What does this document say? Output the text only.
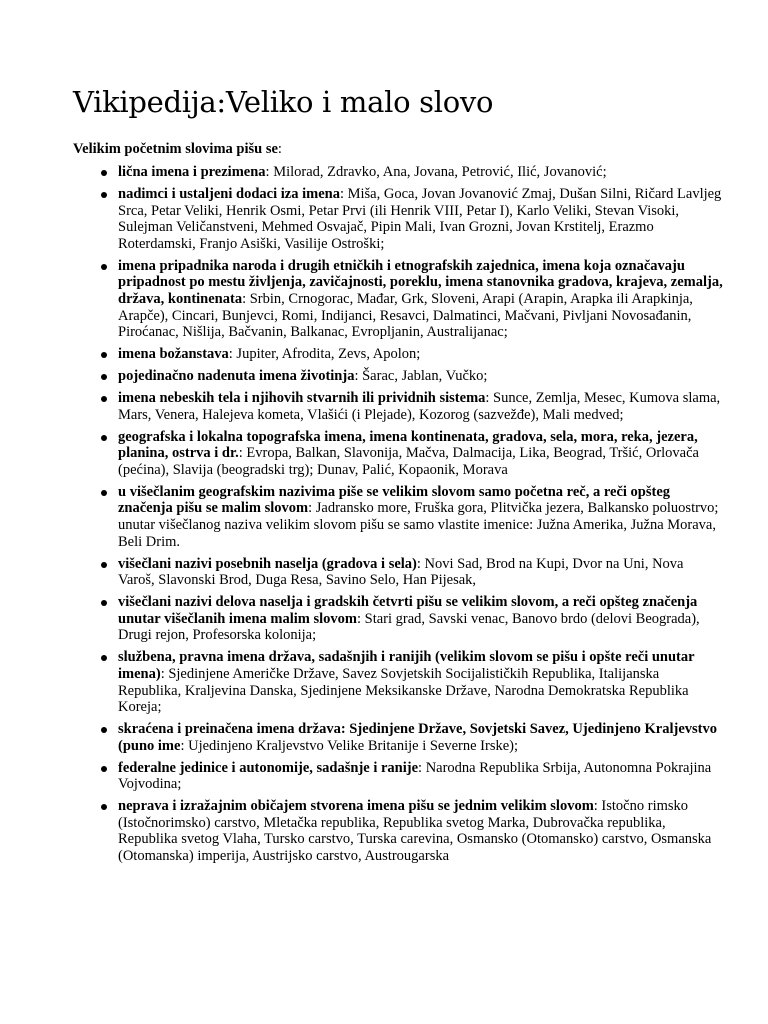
Vikipedija:Veliko i malo slovo

Velikim početnim slovima pišu se:

lična imena i prezimena: Milorad, Zdravko, Ana, Jovana, Petrović, Ilić, Jovanović;
nadimci i ustaljeni dodaci iza imena: Miša, Goca, Jovan Jovanović Zmaj, Dušan Silni, Ričard Lavljeg Srca, Petar Veliki, Henrik Osmi, Petar Prvi (ili Henrik VIII, Petar I), Karlo Veliki, Stevan Visoki, Sulejman Veličanstveni, Mehmed Osvajač, Pipin Mali, Ivan Grozni, Jovan Krstitelj, Erazmo Roterdamski, Franjo Asiški, Vasilije Ostroški;
imena pripadnika naroda i drugih etničkih i etnografskih zajednica, imena koja označavaju pripadnost po mestu življenja, zavičajnosti, poreklu, imena stanovnika gradova, krajeva, zemalja, država, kontinenata: Srbin, Crnogorac, Mađar, Grk, Sloveni, Arapi (Arapin, Arapka ili Arapkinja, Arapče), Cincari, Bunjevci, Romi, Indijanci, Resavci, Dalmatinci, Mačvani, Pivljani Novosađanin, Piroćanac, Nišlija, Bačvanin, Balkanac, Evropljanin, Australijanac;
imena božanstava: Jupiter, Afrodita, Zevs, Apolon;
pojedinačno nadenuta imena životinja: Šarac, Jablan, Vučko;
imena nebeskih tela i njihovih stvarnih ili prividnih sistema: Sunce, Zemlja, Mesec, Kumova slama, Mars, Venera, Halejeva kometa, Vlašići (i Plejade), Kozorog (sazvežđe), Mali medved;
geografska i lokalna topografska imena, imena kontinenata, gradova, sela, mora, reka, jezera, planina, ostrva i dr.: Evropa, Balkan, Slavonija, Mačva, Dalmacija, Lika, Beograd, Tršić, Orlovača (pećina), Slavija (beogradski trg); Dunav, Palić, Kopaonik, Morava
u višečlanim geografskim nazivima piše se velikim slovom samo početna reč, a reči opšteg značenja pišu se malim slovom: Jadransko more, Fruška gora, Plitvička jezera, Balkansko poluostrvo; unutar višečlanog naziva velikim slovom pišu se samo vlastite imenice: Južna Amerika, Južna Morava, Beli Drim.
višečlani nazivi posebnih naselja (gradova i sela): Novi Sad, Brod na Kupi, Dvor na Uni, Nova Varoš, Slavonski Brod, Duga Resa, Savino Selo, Han Pijesak,
višečlani nazivi delova naselja i gradskih četvrti pišu se velikim slovom, a reči opšteg značenja unutar višečlanih imena malim slovom: Stari grad, Savski venac, Banovo brdo (delovi Beograda), Drugi rejon, Profesorska kolonija;
službena, pravna imena država, sadašnjih i ranijih (velikim slovom se pišu i opšte reči unutar imena): Sjedinjene Američke Države, Savez Sovjetskih Socijalističkih Republika, Italijanska Republika, Kraljevina Danska, Sjedinjene Meksikanske Države, Narodna Demokratska Republika Koreja;
skraćena i preinačena imena država: Sjedinjene Države, Sovjetski Savez, Ujedinjeno Kraljevstvo (puno ime: Ujedinjeno Kraljevstvo Velike Britanije i Severne Irske);
federalne jedinice i autonomije, sadašnje i ranije: Narodna Republika Srbija, Autonomna Pokrajina Vojvodina;
neprava i izražajnim običajem stvorena imena pišu se jednim velikim slovom: Istočno rimsko (Istočnorimsko) carstvo, Mletačka republika, Republika svetog Marka, Dubrovačka republika, Republika svetog Vlaha, Tursko carstvo, Turska carevina, Osmansko (Otomansko) carstvo, Osmanska (Otomanska) imperija, Austrijsko carstvo, Austrougarska
